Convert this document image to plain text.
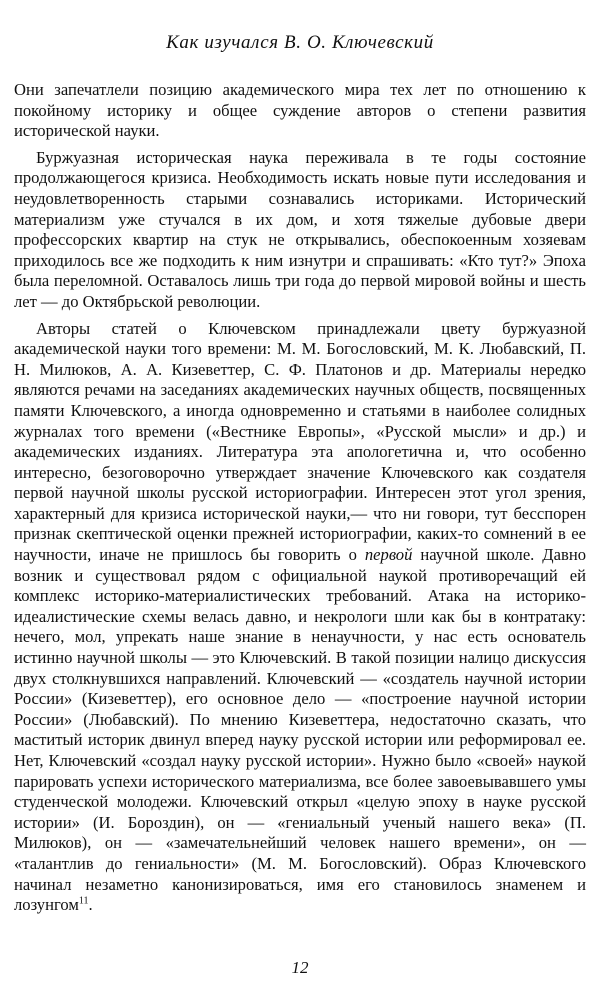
Как изучался В. О. Ключевский

Они запечатлели позицию академического мира тех лет по отношению к покойному историку и общее суждение авторов о степени развития исторической науки.

Буржуазная историческая наука переживала в те годы состояние продолжающегося кризиса. Необходимость искать новые пути исследования и неудовлетворенность старыми сознавались историками. Исторический материализм уже стучался в их дом, и хотя тяжелые дубовые двери профессорских квартир на стук не открывались, обеспокоенным хозяевам приходилось все же подходить к ним изнутри и спрашивать: «Кто тут?» Эпоха была переломной. Оставалось лишь три года до первой мировой войны и шесть лет — до Октябрьской революции.

Авторы статей о Ключевском принадлежали цвету буржуазной академической науки того времени: М. М. Богословский, М. К. Любавский, П. Н. Милюков, А. А. Кизеветтер, С. Ф. Платонов и др. Материалы нередко являются речами на заседаниях академических научных обществ, посвященных памяти Ключевского, а иногда одновременно и статьями в наиболее солидных журналах того времени («Вестнике Европы», «Русской мысли» и др.) и академических изданиях. Литература эта апологетична и, что особенно интересно, безоговорочно утверждает значение Ключевского как создателя первой научной школы русской историографии. Интересен этот угол зрения, характерный для кризиса исторической науки,— что ни говори, тут бесспорен признак скептической оценки прежней историографии, каких-то сомнений в ее научности, иначе не пришлось бы говорить о первой научной школе. Давно возник и существовал рядом с официальной наукой противоречащий ей комплекс историко-материалистических требований. Атака на историко-идеалистические схемы велась давно, и некрологи шли как бы в контратаку: нечего, мол, упрекать наше знание в ненаучности, у нас есть основатель истинно научной школы — это Ключевский. В такой позиции налицо дискуссия двух столкнувшихся направлений. Ключевский — «создатель научной истории России» (Кизеветтер), его основное дело — «построение научной истории России» (Любавский). По мнению Кизеветтера, недостаточно сказать, что маститый историк двинул вперед науку русской истории или реформировал ее. Нет, Ключевский «создал науку русской истории». Нужно было «своей» наукой парировать успехи исторического материализма, все более завоевывавшего умы студенческой молодежи. Ключевский открыл «целую эпоху в науке русской истории» (И. Бороздин), он — «гениальный ученый нашего века» (П. Милюков), он — «замечательнейший человек нашего времени», он — «талантлив до гениальности» (М. М. Богословский). Образ Ключевского начинал незаметно канонизироваться, имя его становилось знаменем и лозунгом$^{11}$.

12
